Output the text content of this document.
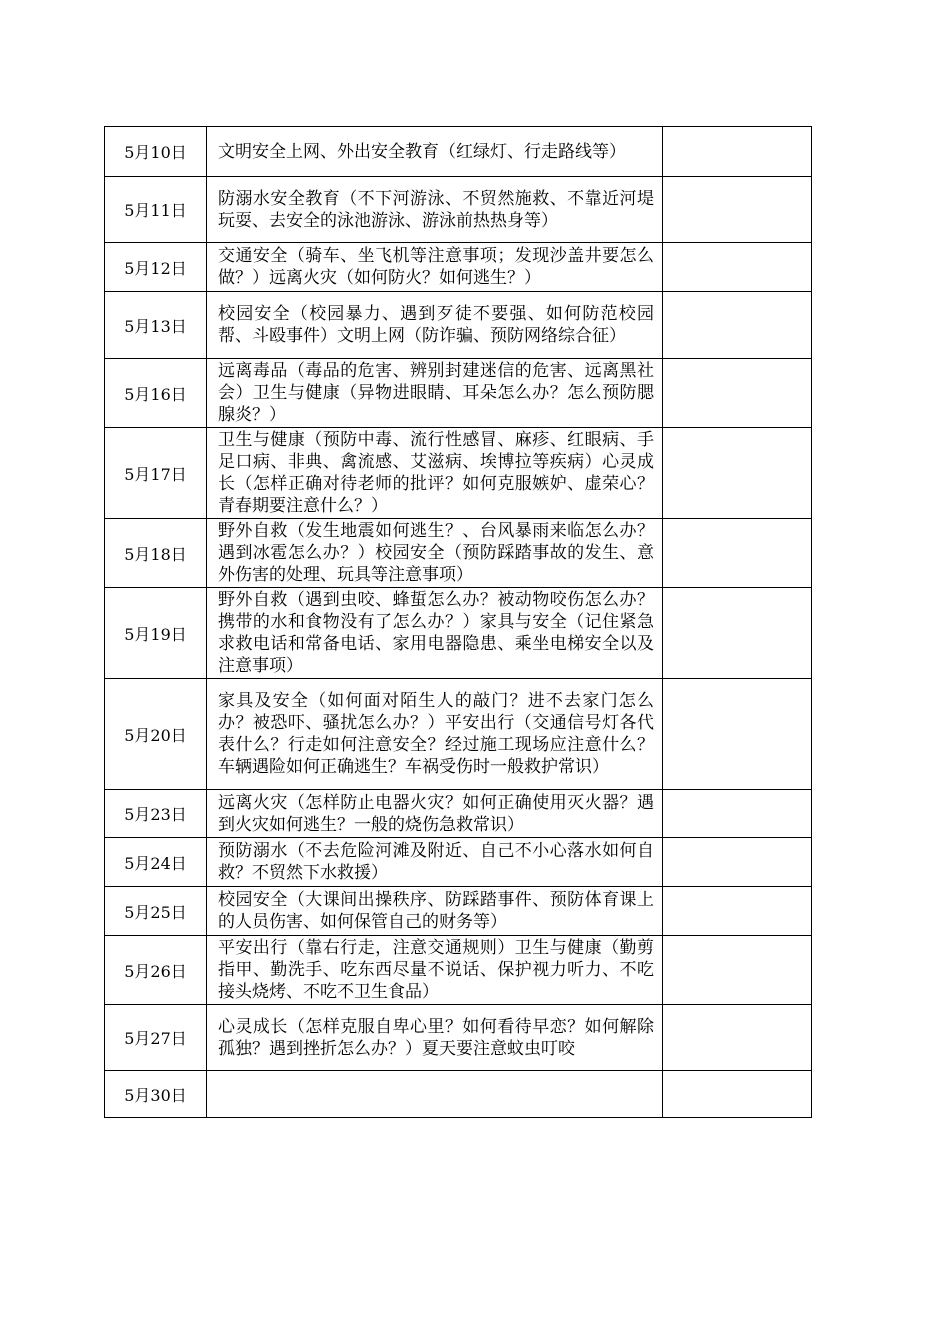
5月10日	文明安全上网、外出安全教育（红绿灯、行走路线等）	
5月11日	防溺水安全教育（不下河游泳、不贸然施救、不靠近河堤玩耍、去安全的泳池游泳、游泳前热热身等）	
5月12日	交通安全（骑车、坐飞机等注意事项；发现沙盖井要怎么做？）远离火灾（如何防火？如何逃生？）	
5月13日	校园安全（校园暴力、遇到歹徒不要强、如何防范校园帮、斗殴事件）文明上网（防诈骗、预防网络综合征）	
5月16日	远离毒品（毒品的危害、辨别封建迷信的危害、远离黑社会）卫生与健康（异物进眼睛、耳朵怎么办？怎么预防腮腺炎？）	
5月17日	卫生与健康（预防中毒、流行性感冒、麻疹、红眼病、手足口病、非典、禽流感、艾滋病、埃博拉等疾病）心灵成长（怎样正确对待老师的批评？如何克服嫉妒、虚荣心？青春期要注意什么？）	
5月18日	野外自救（发生地震如何逃生？、台风暴雨来临怎么办？遇到冰雹怎么办？）校园安全（预防踩踏事故的发生、意外伤害的处理、玩具等注意事项）	
5月19日	野外自救（遇到虫咬、蜂蜇怎么办？被动物咬伤怎么办？携带的水和食物没有了怎么办？）家具与安全（记住紧急求救电话和常备电话、家用电器隐患、乘坐电梯安全以及注意事项）	
5月20日	家具及安全（如何面对陌生人的敲门？进不去家门怎么办？被恐吓、骚扰怎么办？）平安出行（交通信号灯各代表什么？行走如何注意安全？经过施工现场应注意什么？车辆遇险如何正确逃生？车祸受伤时一般救护常识）	
5月23日	远离火灾（怎样防止电器火灾？如何正确使用灭火器？遇到火灾如何逃生？一般的烧伤急救常识）	
5月24日	预防溺水（不去危险河滩及附近、自己不小心落水如何自救？不贸然下水救援）	
5月25日	校园安全（大课间出操秩序、防踩踏事件、预防体育课上的人员伤害、如何保管自己的财务等）	
5月26日	平安出行（靠右行走，注意交通规则）卫生与健康（勤剪指甲、勤洗手、吃东西尽量不说话、保护视力听力、不吃接头烧烤、不吃不卫生食品）	
5月27日	心灵成长（怎样克服自卑心里？如何看待早恋？如何解除孤独？遇到挫折怎么办？）夏天要注意蚊虫叮咬	
5月30日		
